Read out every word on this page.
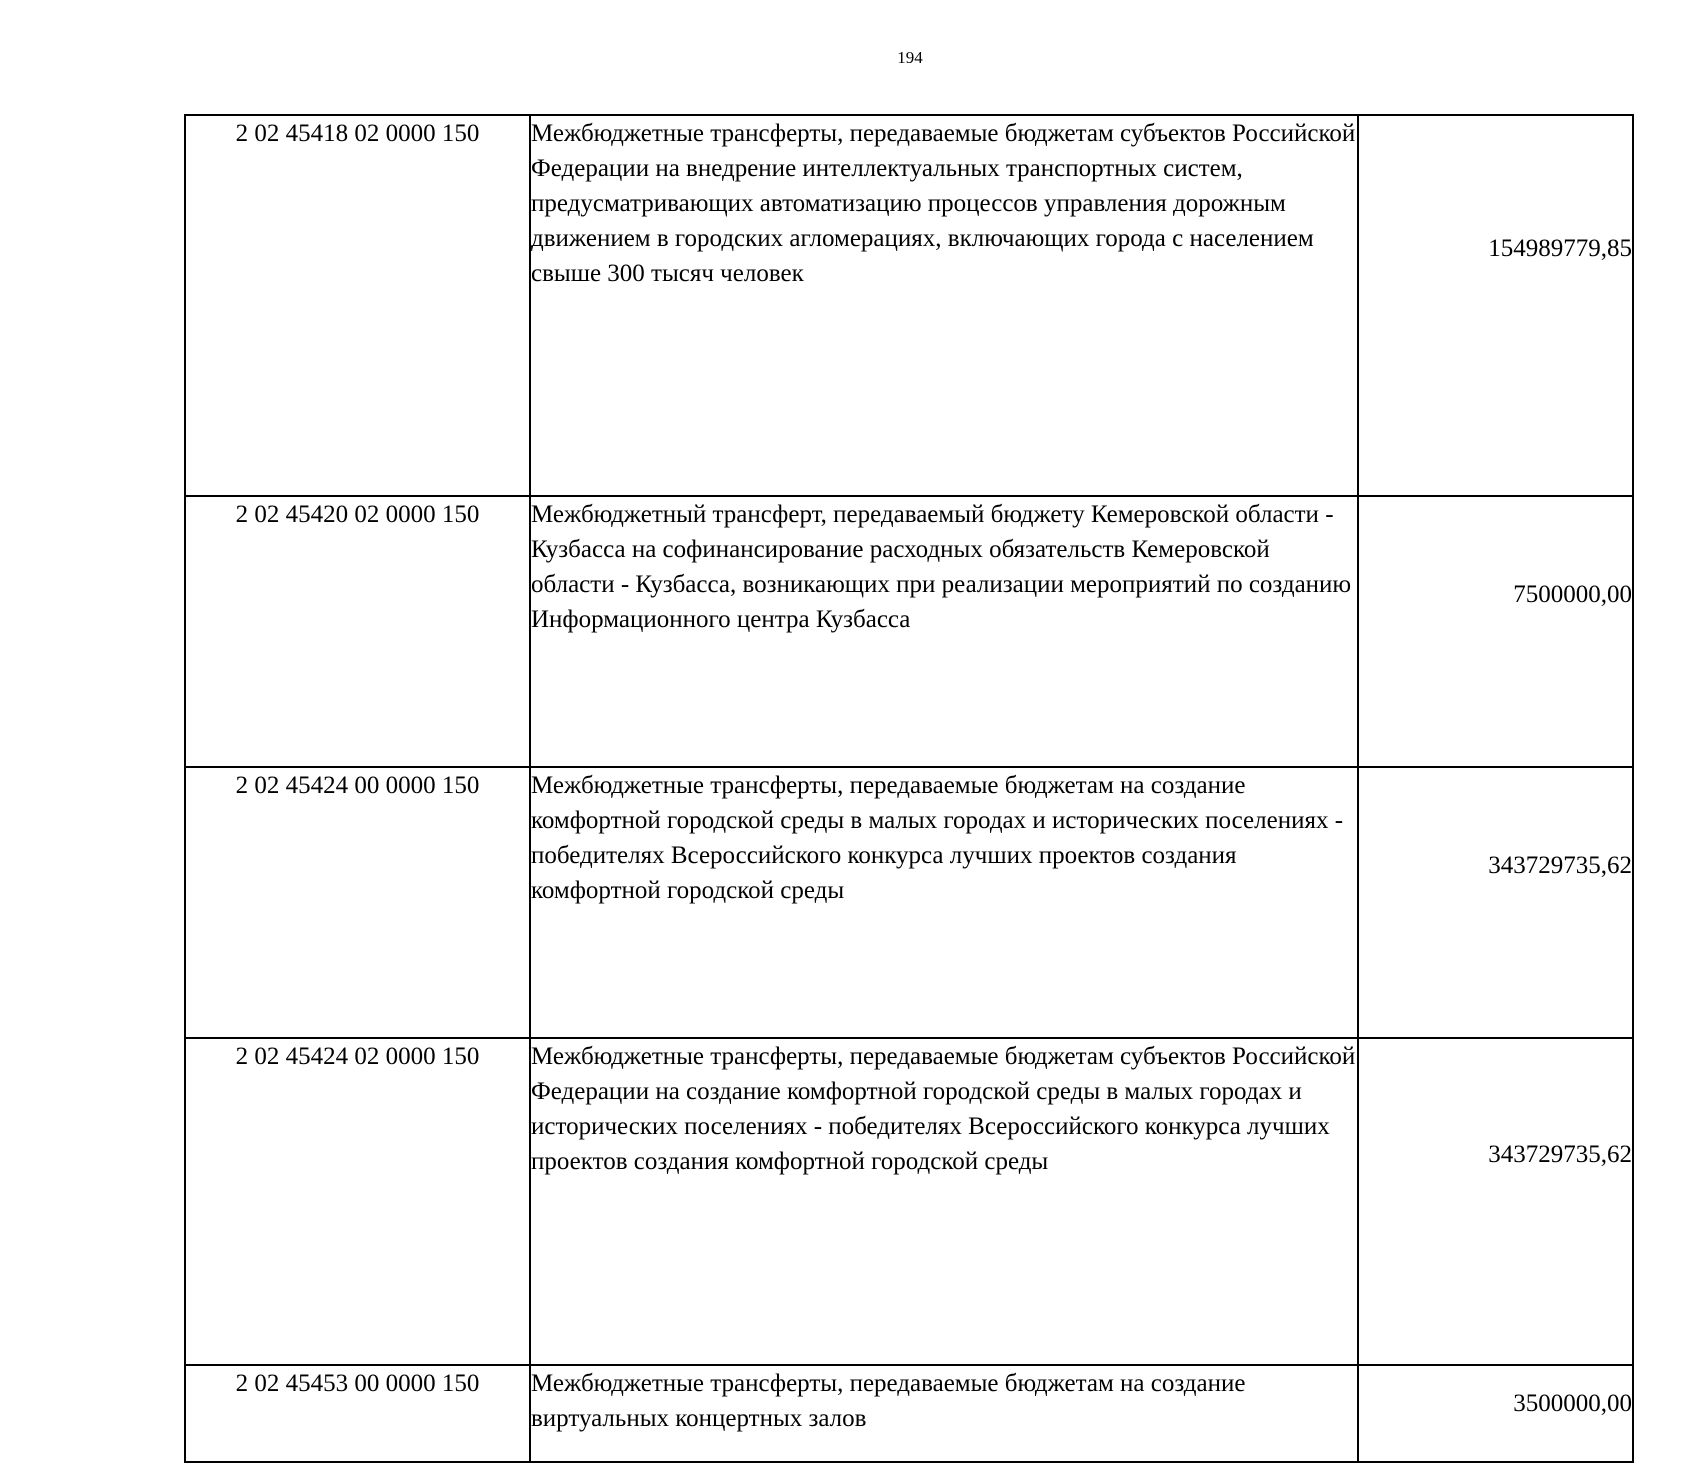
194
2 02 45418 02 0000 150	Межбюджетные трансферты, передаваемые бюджетам субъектов Российской Федерации на внедрение интеллектуальных транспортных систем, предусматривающих автоматизацию процессов управления дорожным движением в городских агломерациях, включающих города с населением свыше 300 тысяч человек	154989779,85
2 02 45420 02 0000 150	Межбюджетный трансферт, передаваемый бюджету Кемеровской области - Кузбасса на софинансирование расходных обязательств Кемеровской области - Кузбасса, возникающих при реализации мероприятий по созданию Информационного центра Кузбасса	7500000,00
2 02 45424 00 0000 150	Межбюджетные трансферты, передаваемые бюджетам на создание комфортной городской среды в малых городах и исторических поселениях - победителях Всероссийского конкурса лучших проектов создания комфортной городской среды	343729735,62
2 02 45424 02 0000 150	Межбюджетные трансферты, передаваемые бюджетам субъектов Российской Федерации на создание комфортной городской среды в малых городах и исторических поселениях - победителях Всероссийского конкурса лучших проектов создания комфортной городской среды	343729735,62
2 02 45453 00 0000 150	Межбюджетные трансферты, передаваемые бюджетам на создание виртуальных концертных залов	3500000,00
